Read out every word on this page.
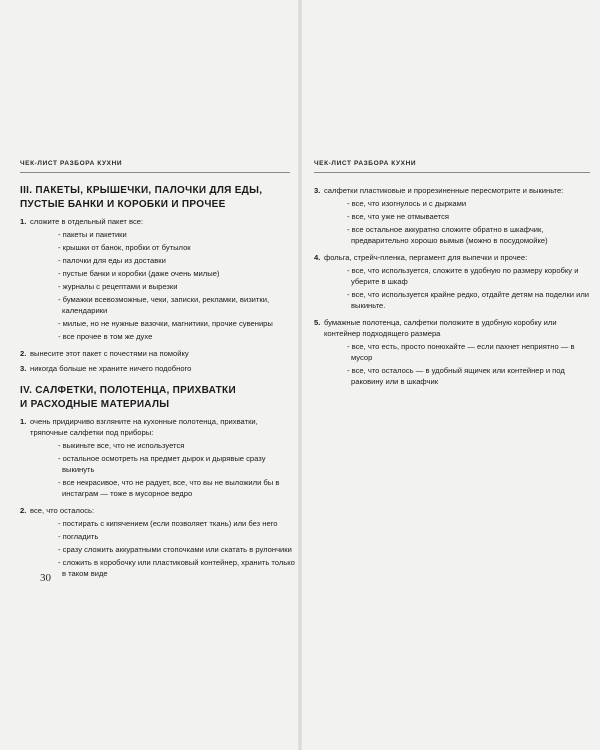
ЧЕК-ЛИСТ РАЗБОРА КУХНИ
III. ПАКЕТЫ, КРЫШЕЧКИ, ПАЛОЧКИ ДЛЯ ЕДЫ,
ПУСТЫЕ БАНКИ И КОРОБКИ И ПРОЧЕЕ
1. сложите в отдельный пакет все:
- пакеты и пакетики
- крышки от банок, пробки от бутылок
- палочки для еды из доставки
- пустые банки и коробки (даже очень милые)
- журналы с рецептами и вырезки
- бумажки всевозможные, чеки, записки, рекламки, визитки, календарики
- милые, но не нужные вазочки, магнитики, прочие сувениры
- все прочее в том же духе
2. вынесите этот пакет с почестями на помойку
3. никогда больше не храните ничего подобного
IV. САЛФЕТКИ, ПОЛОТЕНЦА, ПРИХВАТКИ
И РАСХОДНЫЕ МАТЕРИАЛЫ
1. очень придирчиво взгляните на кухонные полотенца, прихватки, тряпочные салфетки под приборы:
- выкиньте все, что не используется
- остальное осмотреть на предмет дырок и дырявые сразу выкинуть
- все некрасивое, что не радует, все, что вы не выложили бы в инстаграм — тоже в мусорное ведро
2. все, что осталось:
- постирать с кипячением (если позволяет ткань) или без него
- погладить
- сразу сложить аккуратными стопочками или скатать в рулончики
- сложить в коробочку или пластиковый контейнер, хранить только в таком виде
30
ЧЕК-ЛИСТ РАЗБОРА КУХНИ
3. салфетки пластиковые и прорезиненные пересмотрите и выкиньте:
- все, что изогнулось и с дырками
- все, что уже не отмывается
- все остальное аккуратно сложите обратно в шкафчик, предварительно хорошо вымыв (можно в посудомойке)
4. фольга, стрейч-пленка, пергамент для выпечки и прочее:
- все, что используется, сложите в удобную по размеру коробку и уберите в шкаф
- все, что используется крайне редко, отдайте детям на поделки или выкиньте.
5. бумажные полотенца, салфетки положите в удобную коробку или контейнер подходящего размера
- все, что есть, просто понюхайте — если пахнет неприятно — в мусор
- все, что осталось — в удобный ящичек или контейнер и под раковину или в шкафчик
